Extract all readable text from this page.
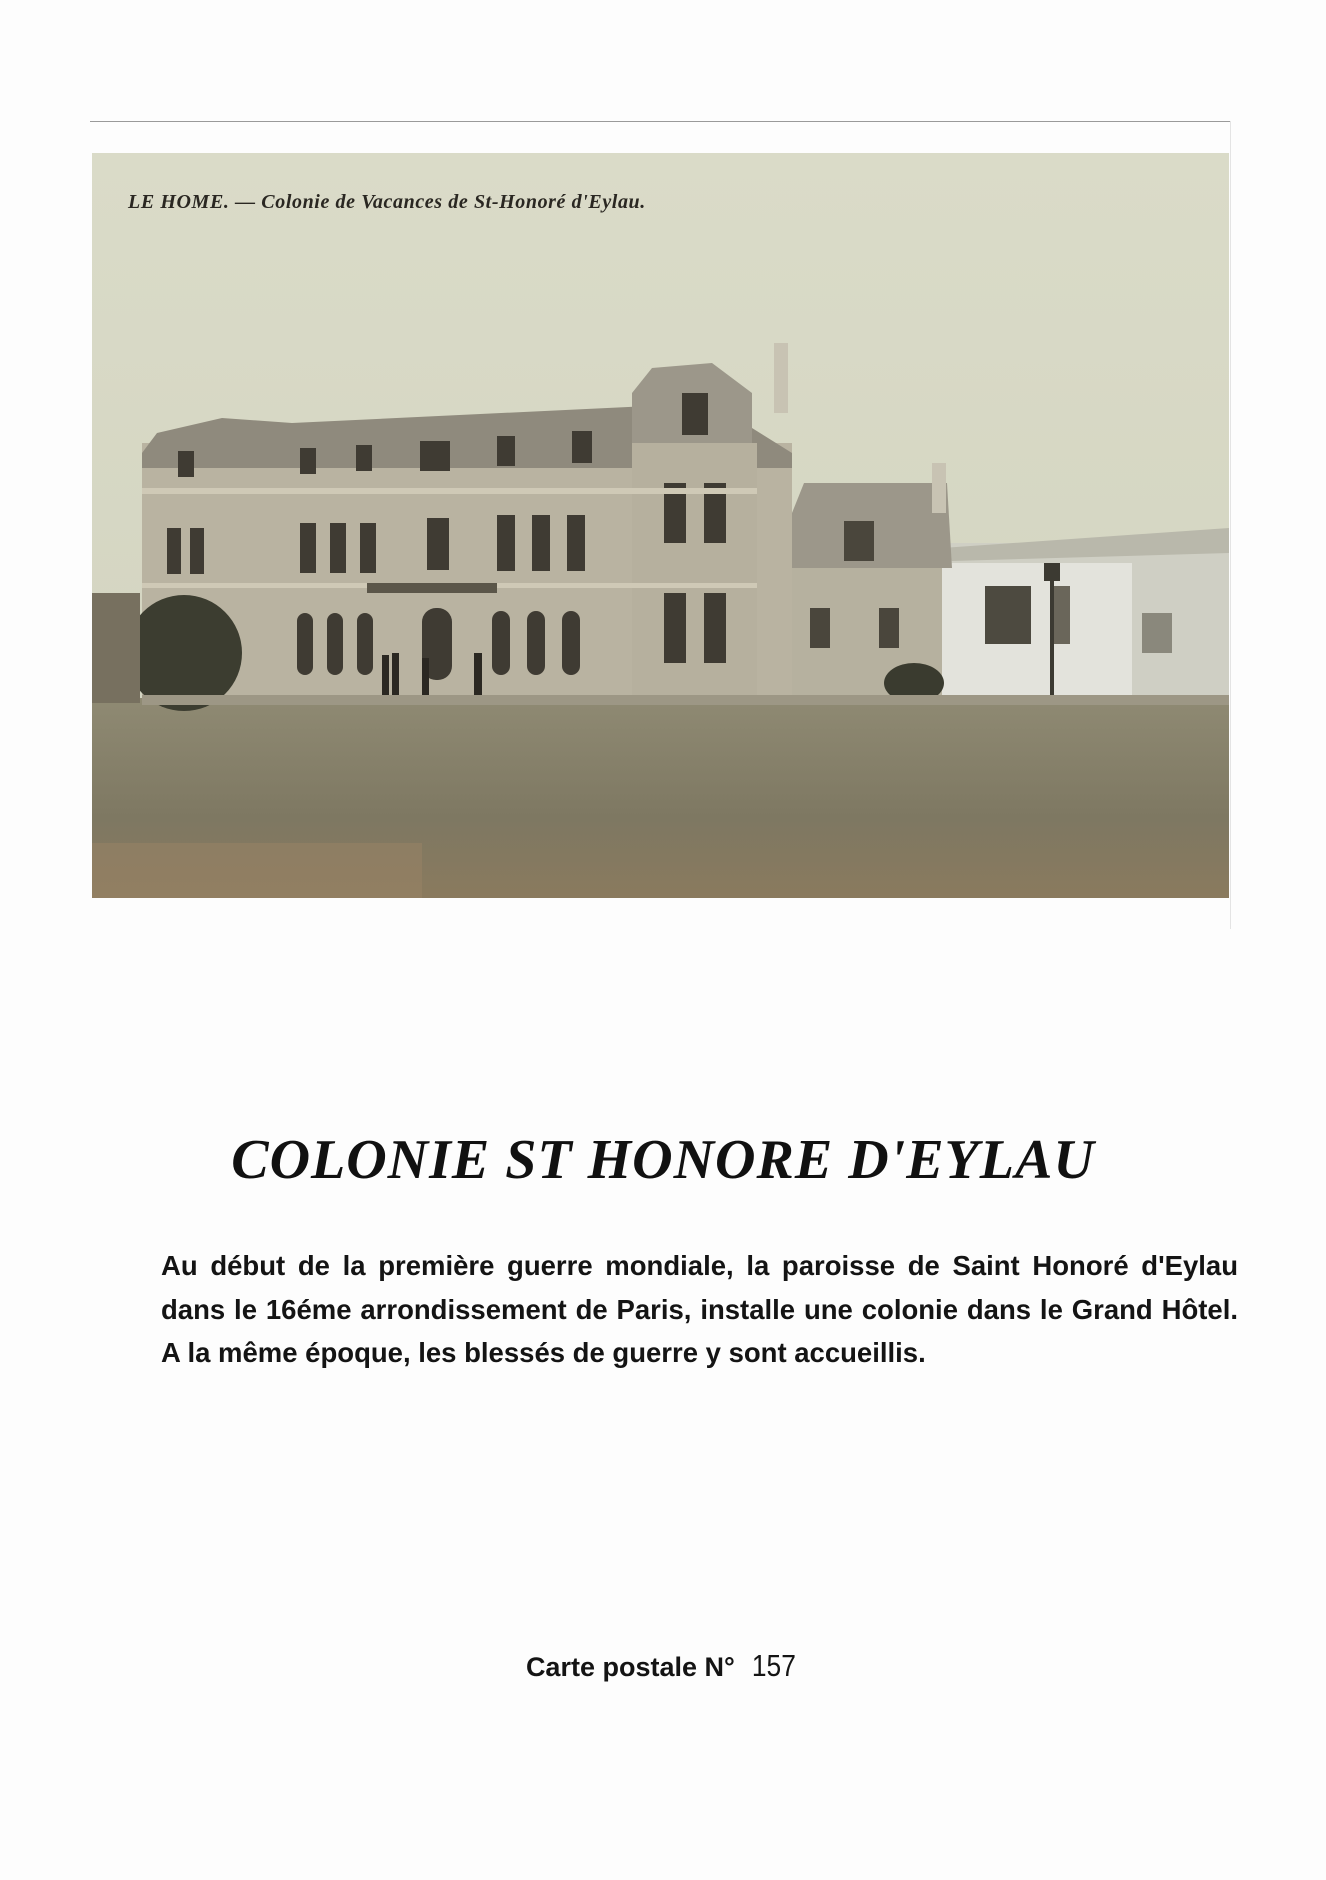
LE HOME. — Colonie de Vacances de St-Honoré d'Eylau.
COLONIE ST HONORE D'EYLAU

Au début de la première guerre mondiale, la paroisse de Saint Honoré d'Eylau dans le 16éme arrondissement de Paris, installe une colonie dans le Grand Hôtel. A la même époque, les blessés de guerre y sont accueillis.

Carte postale N° 157
